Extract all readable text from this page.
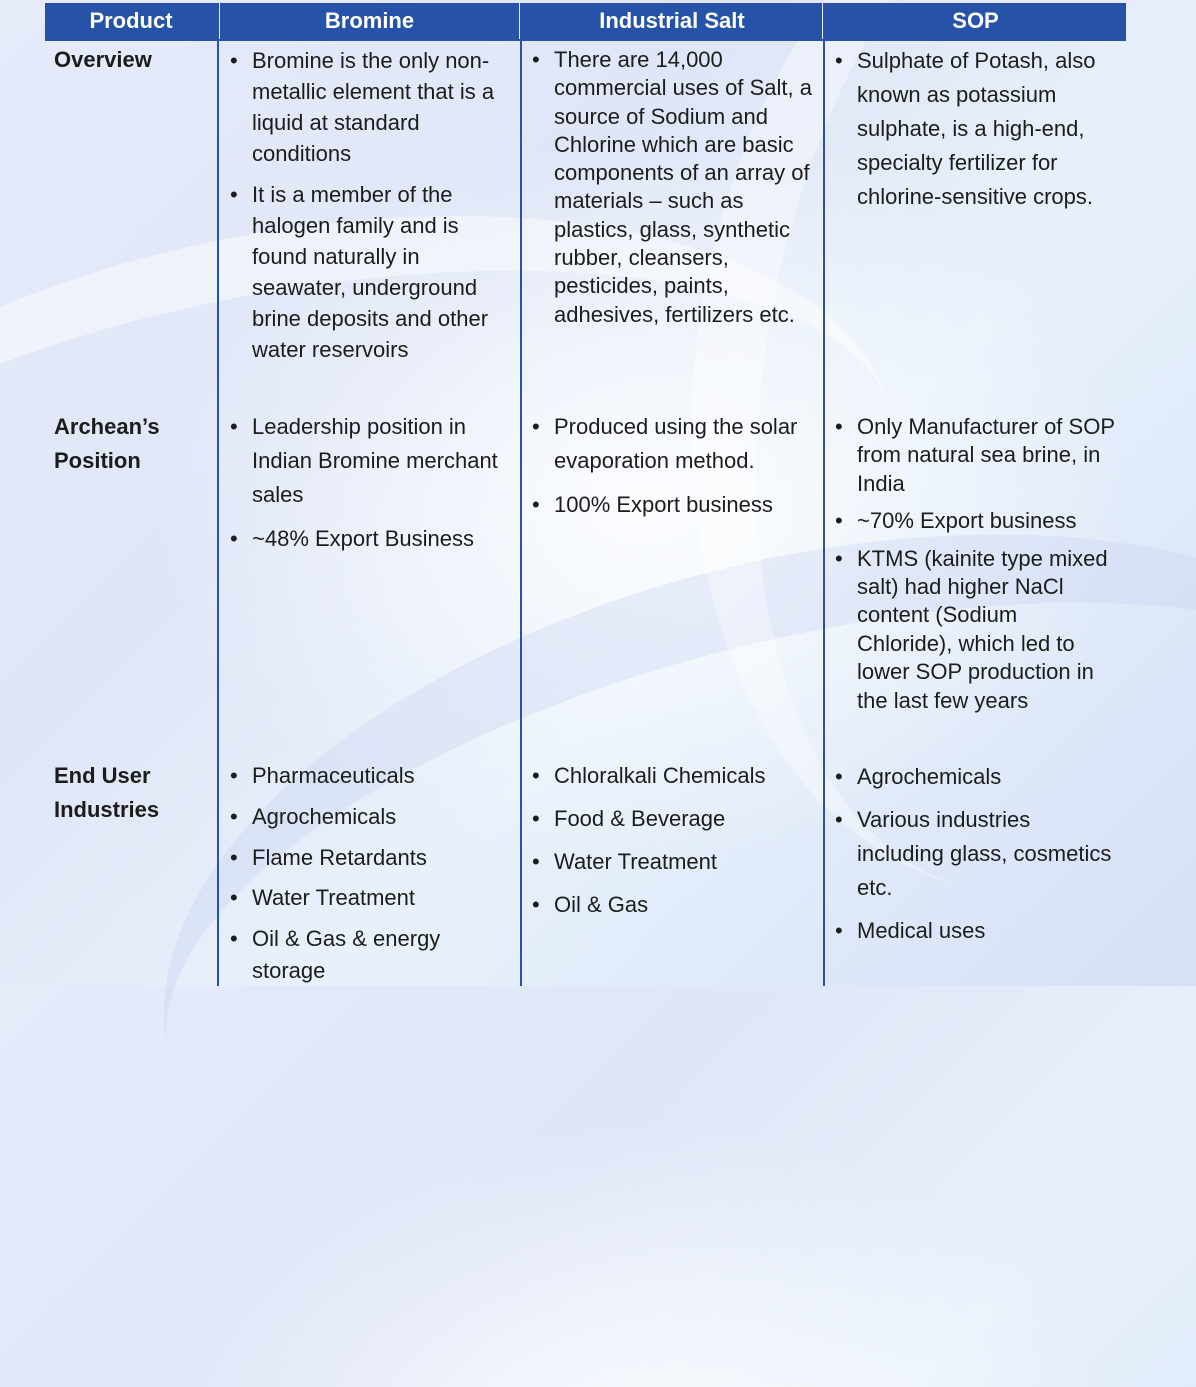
Product	Bromine	Industrial Salt	SOP
Overview
•	Bromine is the only non-metallic element that is a liquid at standard conditions
• It is a member of the halogen family and is found naturally in seawater, underground brine deposits and other water reservoirs
• There are 14,000 commercial uses of Salt, a source of Sodium and Chlorine which are basic components of an array of materials – such as plastics, glass, synthetic rubber, cleansers, pesticides, paints, adhesives, fertilizers etc.
• Sulphate of Potash, also known as potassium sulphate, is a high-end, specialty fertilizer for chlorine-sensitive crops.
Archean’s
Position
• Leadership position in Indian Bromine merchant sales
• ~48% Export Business
• Produced using the solar evaporation method.
• 100% Export business
• Only Manufacturer of SOP from natural sea brine, in India
• ~70% Export business
• KTMS (kainite type mixed salt) had higher NaCl content (Sodium Chloride), which led to lower SOP production in the last few years
End User
Industries
• Pharmaceuticals
• Agrochemicals
• Flame Retardants
• Water Treatment
• Oil & Gas & energy storage
• Chloralkali Chemicals
• Food & Beverage
• Water Treatment
• Oil & Gas
• Agrochemicals
• Various industries including glass, cosmetics etc.
• Medical uses
